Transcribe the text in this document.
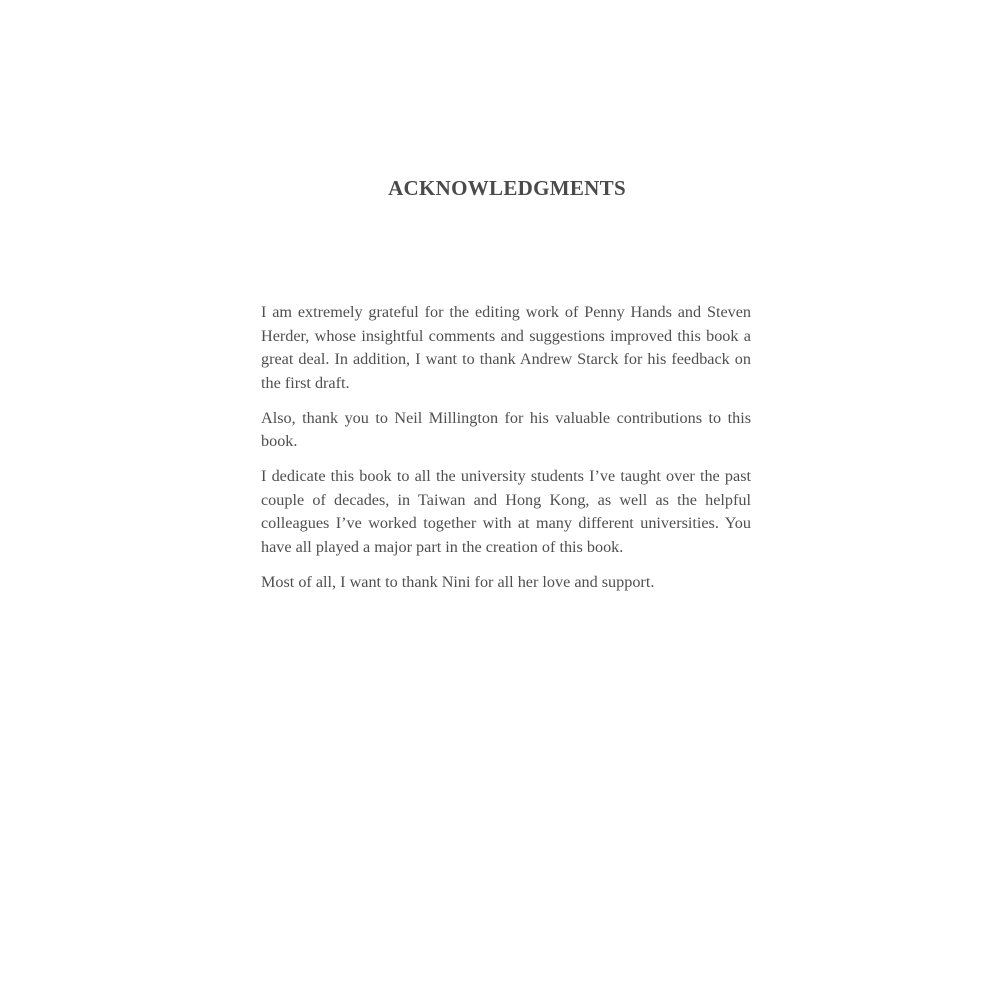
ACKNOWLEDGMENTS

I am extremely grateful for the editing work of Penny Hands and Steven Herder, whose insightful comments and suggestions improved this book a great deal. In addition, I want to thank Andrew Starck for his feedback on the first draft.

Also, thank you to Neil Millington for his valuable contributions to this book.

I dedicate this book to all the university students I’ve taught over the past couple of decades, in Taiwan and Hong Kong, as well as the helpful colleagues I’ve worked together with at many different universities. You have all played a major part in the creation of this book.

Most of all, I want to thank Nini for all her love and support.
